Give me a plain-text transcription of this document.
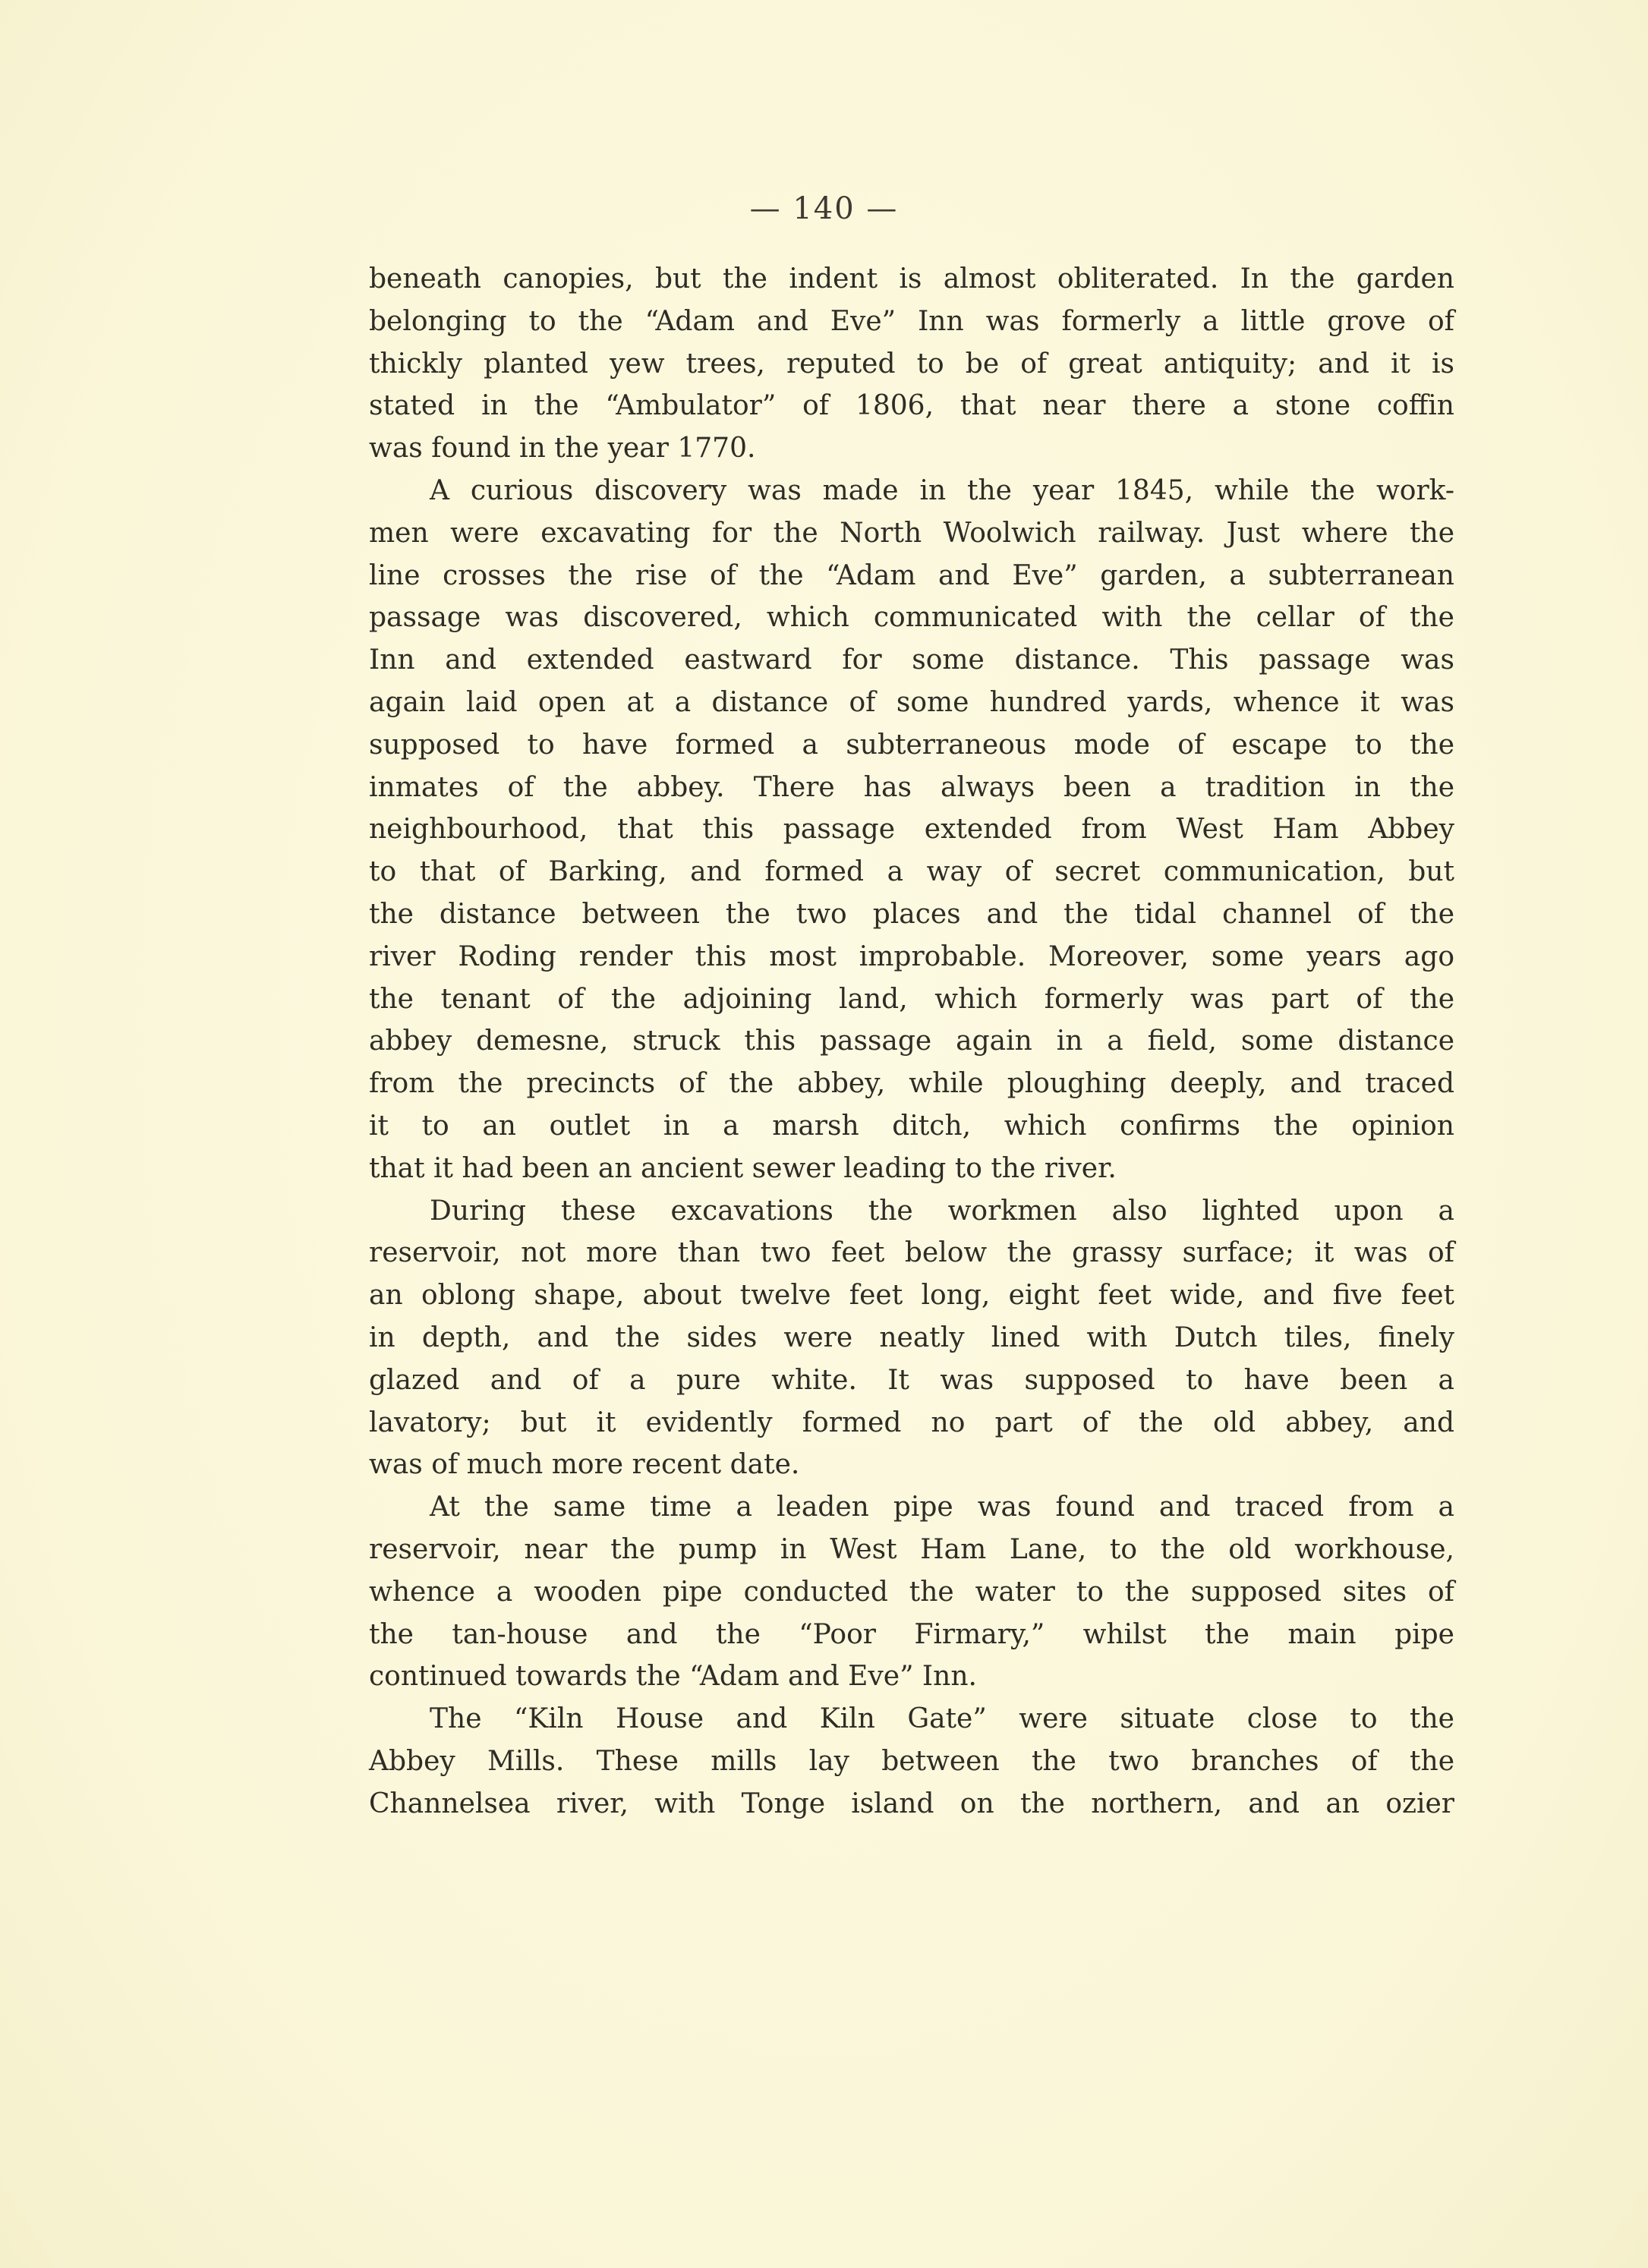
— 140 —
beneath canopies, but the indent is almost obliterated. In the garden
belonging to the “Adam and Eve” Inn was formerly a little grove of
thickly planted yew trees, reputed to be of great antiquity; and it is
stated in the “Ambulator” of 1806, that near there a stone coffin
was found in the year 1770.
A curious discovery was made in the year 1845, while the work-
men were excavating for the North Woolwich railway. Just where the
line crosses the rise of the “Adam and Eve” garden, a subterranean
passage was discovered, which communicated with the cellar of the
Inn and extended eastward for some distance. This passage was
again laid open at a distance of some hundred yards, whence it was
supposed to have formed a subterraneous mode of escape to the
inmates of the abbey. There has always been a tradition in the
neighbourhood, that this passage extended from West Ham Abbey
to that of Barking, and formed a way of secret communication, but
the distance between the two places and the tidal channel of the
river Roding render this most improbable. Moreover, some years ago
the tenant of the adjoining land, which formerly was part of the
abbey demesne, struck this passage again in a field, some distance
from the precincts of the abbey, while ploughing deeply, and traced
it to an outlet in a marsh ditch, which confirms the opinion
that it had been an ancient sewer leading to the river.
During these excavations the workmen also lighted upon a
reservoir, not more than two feet below the grassy surface; it was of
an oblong shape, about twelve feet long, eight feet wide, and five feet
in depth, and the sides were neatly lined with Dutch tiles, finely
glazed and of a pure white. It was supposed to have been a
lavatory; but it evidently formed no part of the old abbey, and
was of much more recent date.
At the same time a leaden pipe was found and traced from a
reservoir, near the pump in West Ham Lane, to the old workhouse,
whence a wooden pipe conducted the water to the supposed sites of
the tan-house and the “Poor Firmary,” whilst the main pipe
continued towards the “Adam and Eve” Inn.
The “Kiln House and Kiln Gate” were situate close to the
Abbey Mills. These mills lay between the two branches of the
Channelsea river, with Tonge island on the northern, and an ozier
